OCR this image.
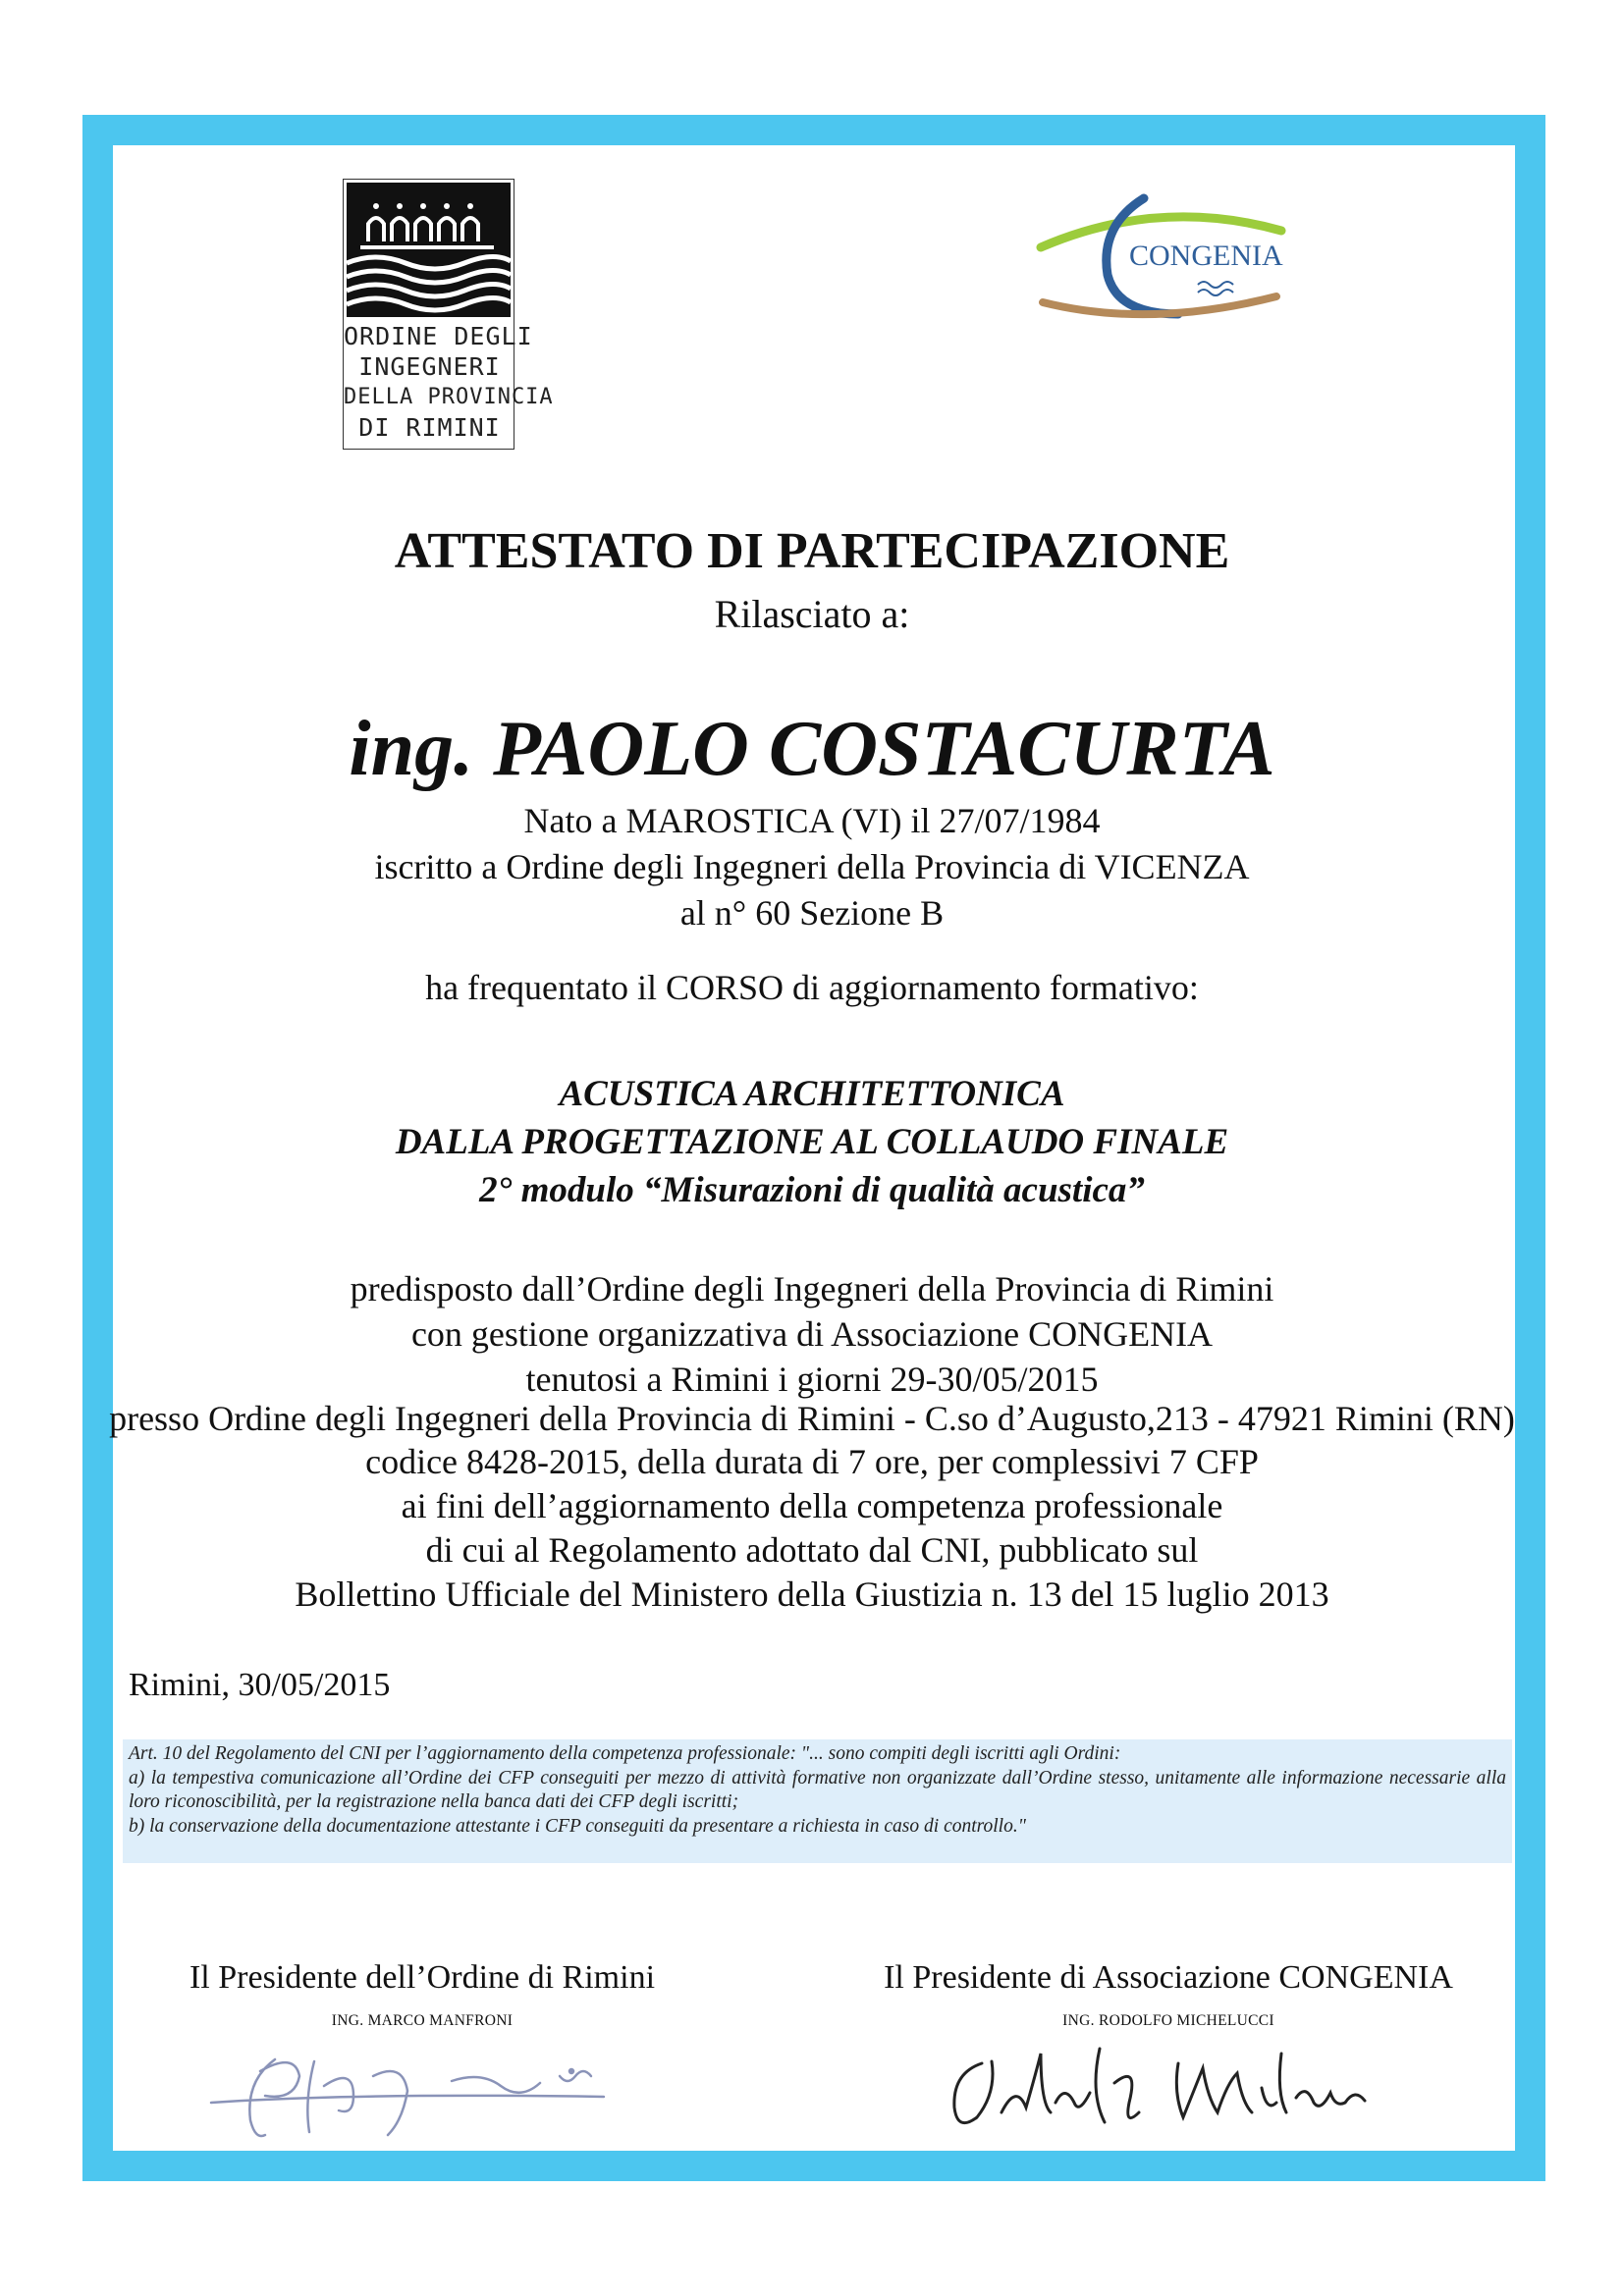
ORDINE DEGLI
INGEGNERI
DELLA PROVINCIA
DI RIMINI
CONGENIA
ATTESTATO DI PARTECIPAZIONE
Rilasciato a:
ing. PAOLO COSTACURTA
Nato a MAROSTICA (VI) il 27/07/1984
iscritto a Ordine degli Ingegneri della Provincia di VICENZA
al n° 60 Sezione B
ha frequentato il CORSO di aggiornamento formativo:
ACUSTICA ARCHITETTONICA
DALLA PROGETTAZIONE AL COLLAUDO FINALE
2° modulo “Misurazioni di qualità acustica”
predisposto dall’Ordine degli Ingegneri della Provincia di Rimini
con gestione organizzativa di Associazione CONGENIA
tenutosi a Rimini i giorni 29-30/05/2015
presso Ordine degli Ingegneri della Provincia di Rimini - C.so d’Augusto,213 - 47921 Rimini (RN)
codice 8428-2015, della durata di 7 ore, per complessivi 7 CFP
ai fini dell’aggiornamento della competenza professionale
di cui al Regolamento adottato dal CNI, pubblicato sul
Bollettino Ufficiale del Ministero della Giustizia n. 13 del 15 luglio 2013
Rimini, 30/05/2015
Art. 10 del Regolamento del CNI per l’aggiornamento della competenza professionale: "... sono compiti degli iscritti agli Ordini:
a) la tempestiva comunicazione all’Ordine dei CFP conseguiti per mezzo di attività formative non organizzate dall’Ordine stesso, unitamente alle informazione necessarie alla loro riconoscibilità, per la registrazione nella banca dati dei CFP degli iscritti;
b) la conservazione della documentazione attestante i CFP conseguiti da presentare a richiesta in caso di controllo."
Il Presidente dell’Ordine di Rimini
ING. MARCO MANFRONI
Il Presidente di Associazione CONGENIA
ING. RODOLFO MICHELUCCI
